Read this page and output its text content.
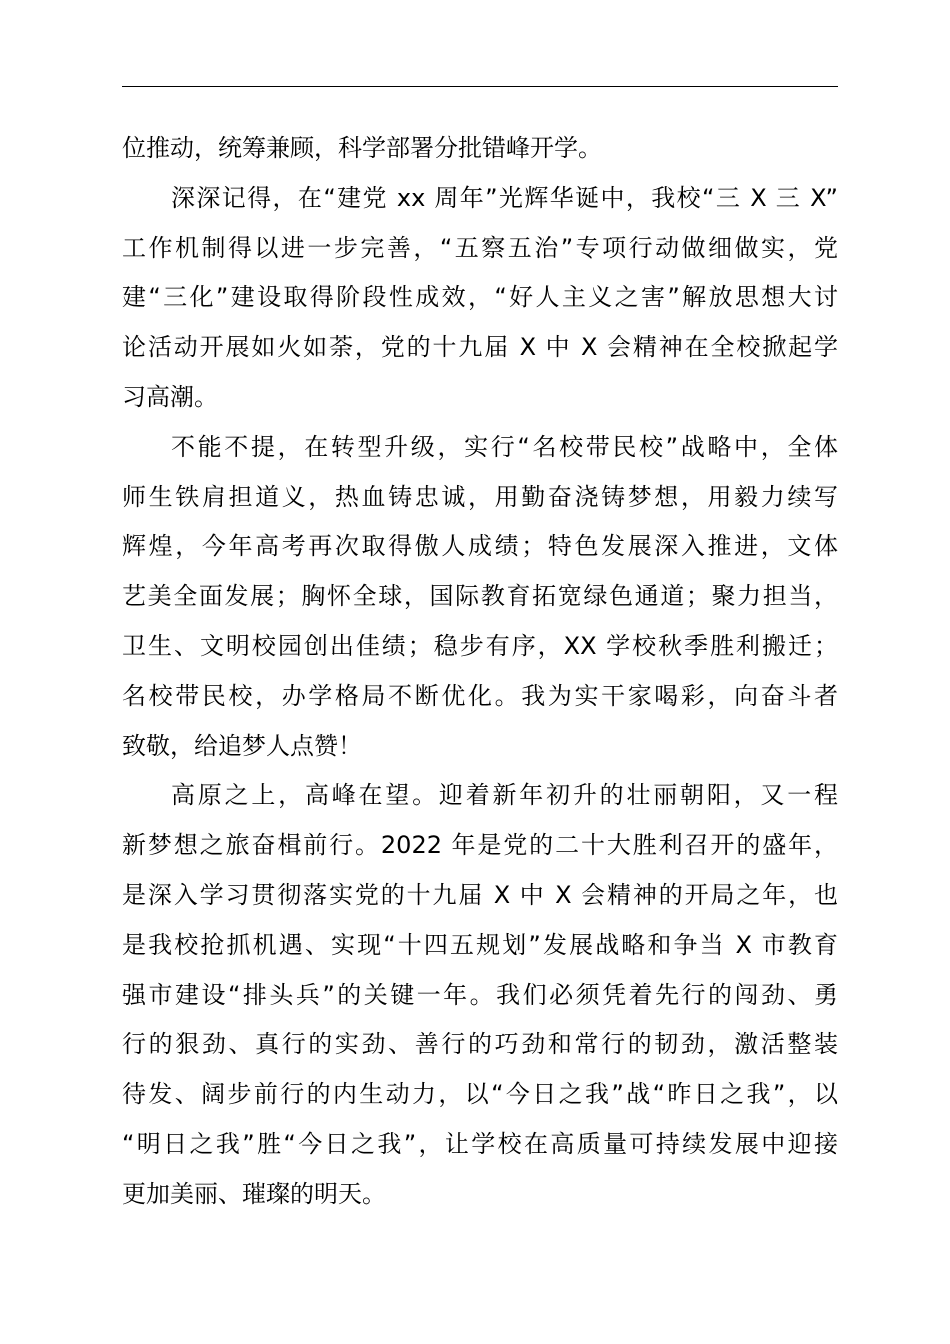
位推动，统筹兼顾，科学部署分批错峰开学。
深深记得，在“建党 xx 周年”光辉华诞中，我校“三 X 三 X”
工作机制得以进一步完善，“五察五治”专项行动做细做实，党
建“三化”建设取得阶段性成效，“好人主义之害”解放思想大讨
论活动开展如火如荼，党的十九届 X 中 X 会精神在全校掀起学
习高潮。
不能不提，在转型升级，实行“名校带民校”战略中，全体
师生铁肩担道义，热血铸忠诚，用勤奋浇铸梦想，用毅力续写
辉煌，今年高考再次取得傲人成绩；特色发展深入推进，文体
艺美全面发展；胸怀全球，国际教育拓宽绿色通道；聚力担当，
卫生、文明校园创出佳绩；稳步有序，XX 学校秋季胜利搬迁；
名校带民校，办学格局不断优化。我为实干家喝彩，向奋斗者
致敬，给追梦人点赞！
高原之上，高峰在望。迎着新年初升的壮丽朝阳，又一程
新梦想之旅奋楫前行。2022 年是党的二十大胜利召开的盛年，
是深入学习贯彻落实党的十九届 X 中 X 会精神的开局之年，也
是我校抢抓机遇、实现“十四五规划”发展战略和争当 X 市教育
强市建设“排头兵”的关键一年。我们必须凭着先行的闯劲、勇
行的狠劲、真行的实劲、善行的巧劲和常行的韧劲，激活整装
待发、阔步前行的内生动力，以“今日之我”战“昨日之我”，以
“明日之我”胜“今日之我”，让学校在高质量可持续发展中迎接
更加美丽、璀璨的明天。
